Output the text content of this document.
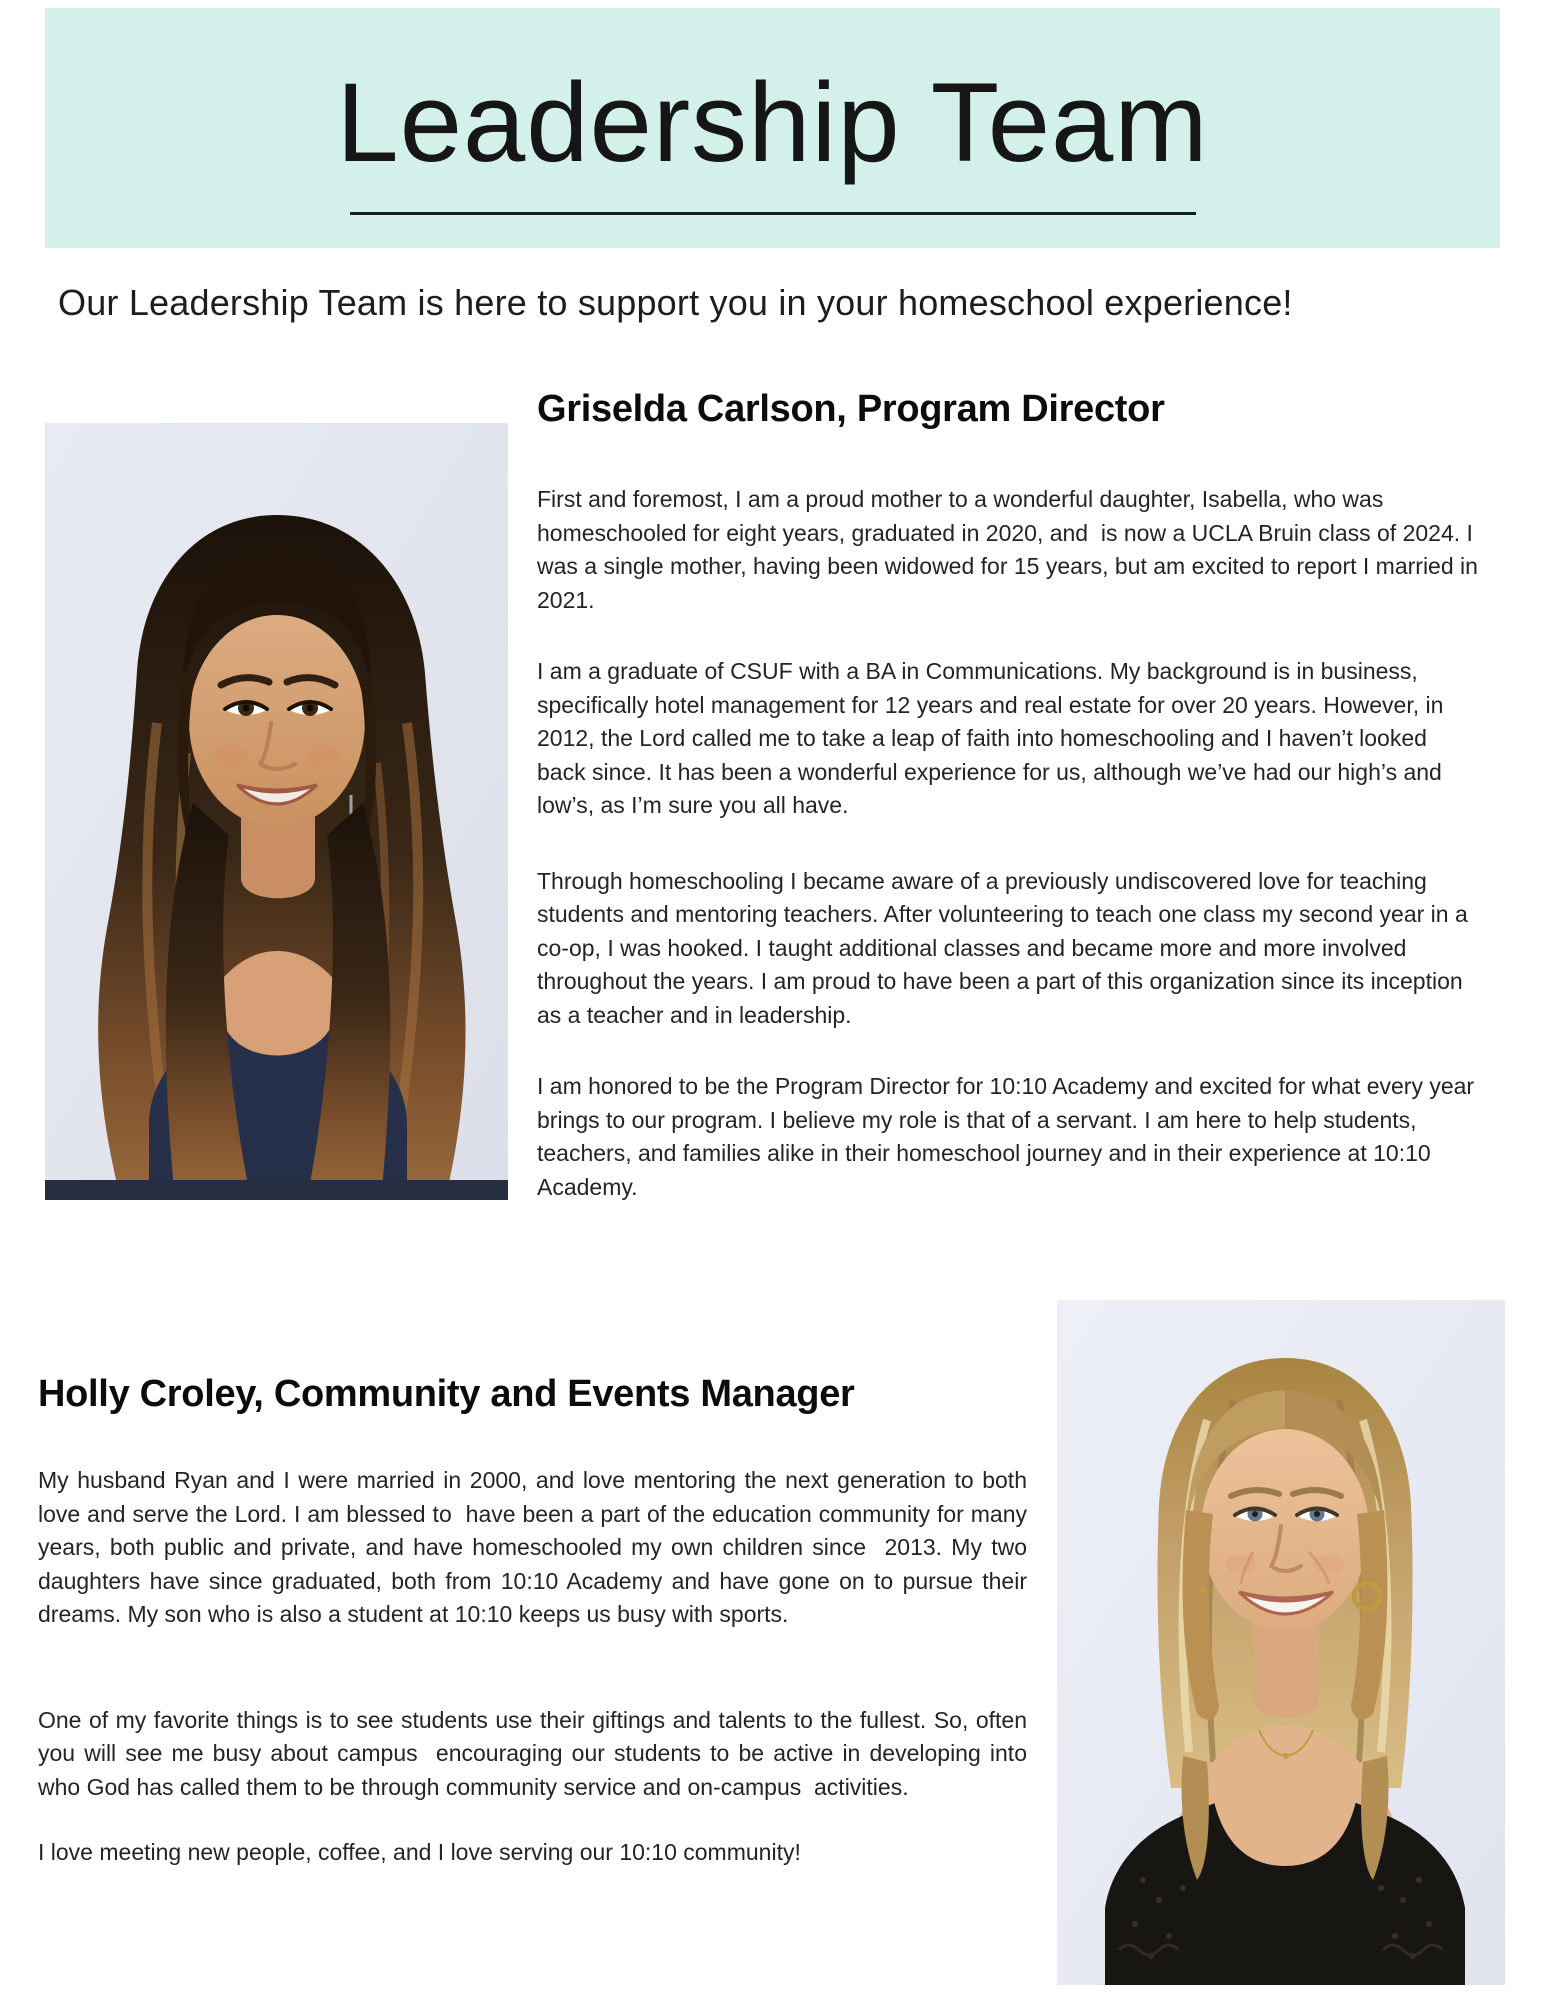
Leadership Team

Our Leadership Team is here to support you in your homeschool experience!

Griselda Carlson, Program Director

First and foremost, I am a proud mother to a wonderful daughter, Isabella, who was homeschooled for eight years, graduated in 2020, and  is now a UCLA Bruin class of 2024. I was a single mother, having been widowed for 15 years, but am excited to report I married in 2021.

I am a graduate of CSUF with a BA in Communications. My background is in business, specifically hotel management for 12 years and real estate for over 20 years. However, in 2012, the Lord called me to take a leap of faith into homeschooling and I haven’t looked back since. It has been a wonderful experience for us, although we’ve had our high’s and low’s, as I’m sure you all have.

Through homeschooling I became aware of a previously undiscovered love for teaching students and mentoring teachers. After volunteering to teach one class my second year in a co-op, I was hooked. I taught additional classes and became more and more involved throughout the years. I am proud to have been a part of this organization since its inception as a teacher and in leadership.

I am honored to be the Program Director for 10:10 Academy and excited for what every year brings to our program. I believe my role is that of a servant. I am here to help students, teachers, and families alike in their homeschool journey and in their experience at 10:10 Academy.

Holly Croley, Community and Events Manager

My husband Ryan and I were married in 2000, and love mentoring the next generation to both love and serve the Lord. I am blessed to  have been a part of the education community for many years, both public and private, and have homeschooled my own children since  2013. My two daughters have since graduated, both from 10:10 Academy and have gone on to pursue their dreams. My son who is also a student at 10:10 keeps us busy with sports.

One of my favorite things is to see students use their giftings and talents to the fullest. So, often you will see me busy about campus  encouraging our students to be active in developing into who God has called them to be through community service and on-campus  activities.

I love meeting new people, coffee, and I love serving our 10:10 community!
